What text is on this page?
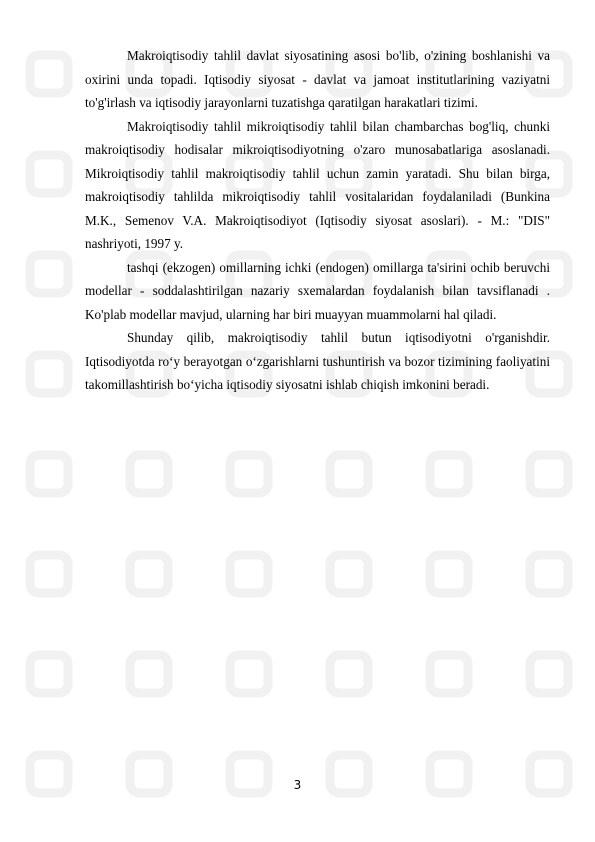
Makroiqtisodiy tahlil davlat siyosatining asosi bo'lib, o'zining boshlanishi va oxirini unda topadi. Iqtisodiy siyosat - davlat va jamoat institutlarining vaziyatni to'g'irlash va iqtisodiy jarayonlarni tuzatishga qaratilgan harakatlari tizimi.

Makroiqtisodiy tahlil mikroiqtisodiy tahlil bilan chambarchas bog'liq, chunki makroiqtisodiy hodisalar mikroiqtisodiyotning o'zaro munosabatlariga asoslanadi. Mikroiqtisodiy tahlil makroiqtisodiy tahlil uchun zamin yaratadi. Shu bilan birga, makroiqtisodiy tahlilda mikroiqtisodiy tahlil vositalaridan foydalaniladi (Bunkina M.K., Semenov V.A. Makroiqtisodiyot (Iqtisodiy siyosat asoslari). - M.: "DIS" nashriyoti, 1997 y.

tashqi (ekzogen) omillarning ichki (endogen) omillarga ta'sirini ochib beruvchi modellar - soddalashtirilgan nazariy sxemalardan foydalanish bilan tavsiflanadi . Ko'plab modellar mavjud, ularning har biri muayyan muammolarni hal qiladi.

Shunday qilib, makroiqtisodiy tahlil butun iqtisodiyotni o'rganishdir. Iqtisodiyotda ro‘y berayotgan o‘zgarishlarni tushuntirish va bozor tizimining faoliyatini takomillashtirish bo‘yicha iqtisodiy siyosatni ishlab chiqish imkonini beradi.

3
